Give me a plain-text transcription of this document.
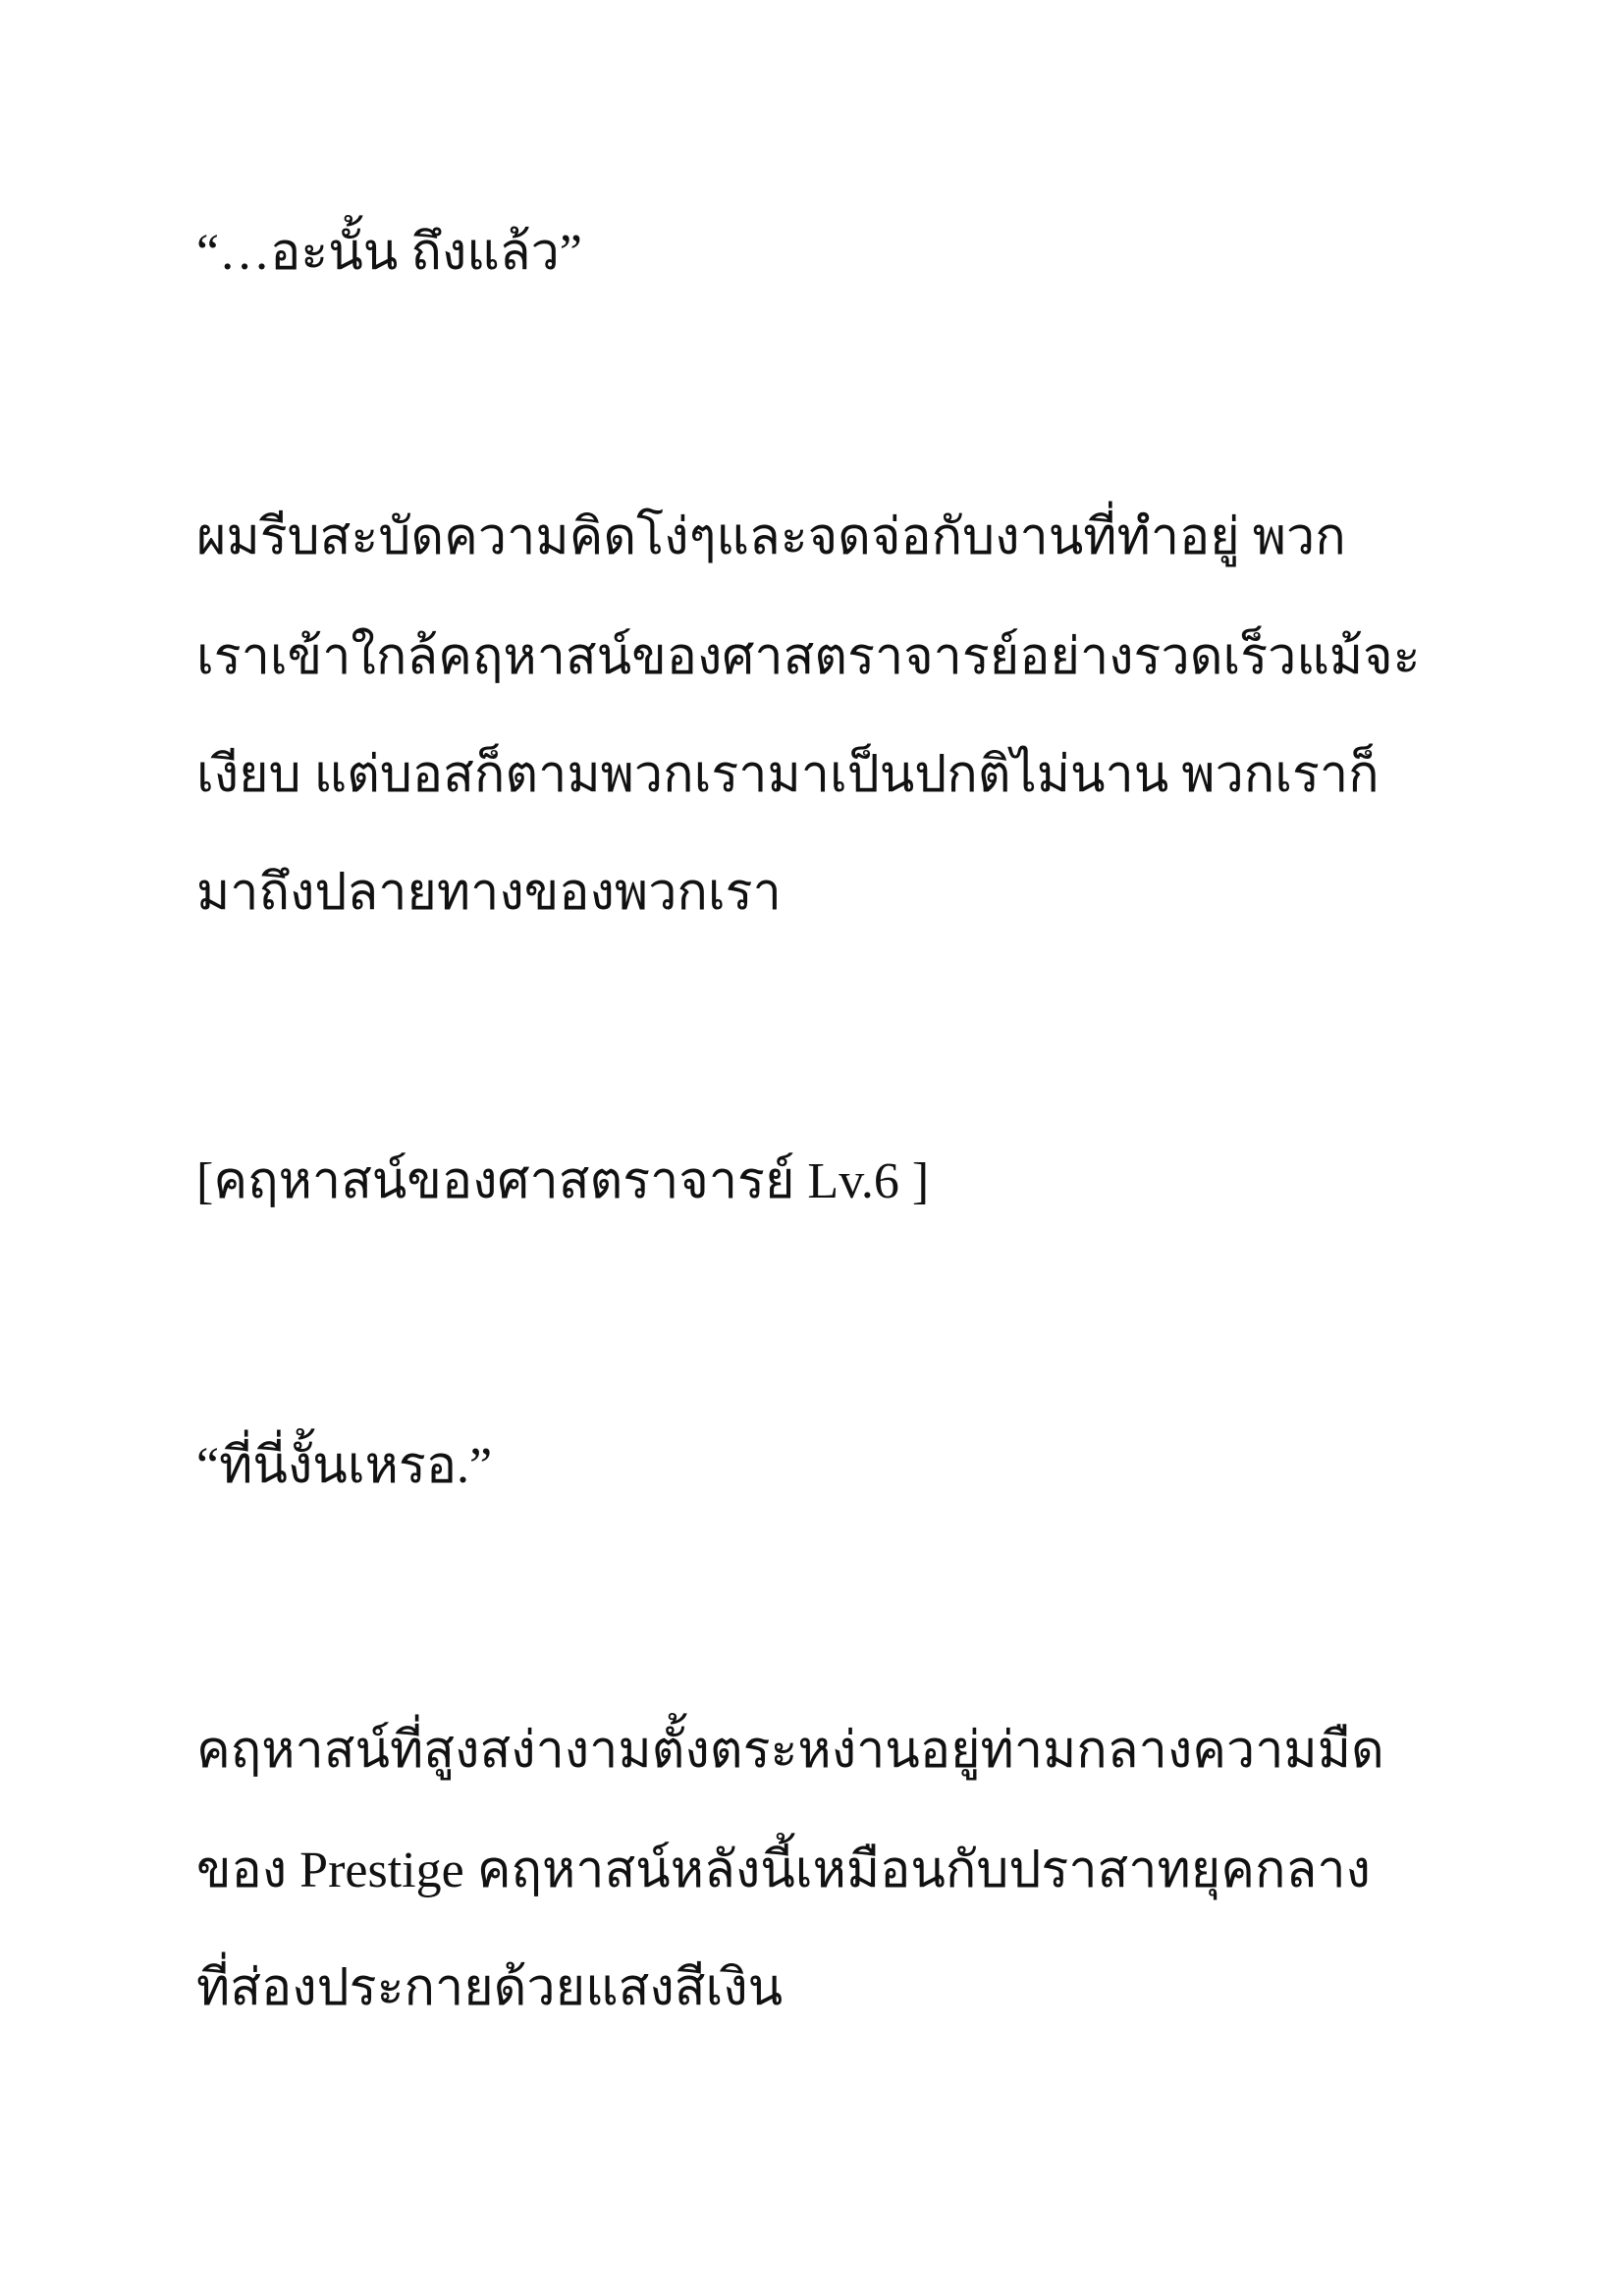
“…อะนั้น ถึงแล้ว”
ผมรีบสะบัดความคิดโง่ๆและจดจ่อกับงานที่ทำอยู่ พวก
เราเข้าใกล้คฤหาสน์ของศาสตราจารย์อย่างรวดเร็วแม้จะ
เงียบ แต่บอสก็ตามพวกเรามาเป็นปกติไม่นาน พวกเราก็
มาถึงปลายทางของพวกเรา
[คฤหาสน์ของศาสตราจารย์ Lv.6 ]
“ที่นี่งั้นเหรอ.”
คฤหาสน์ที่สูงสง่างามตั้งตระหง่านอยู่ท่ามกลางความมืด
ของ Prestige คฤหาสน์หลังนี้เหมือนกับปราสาทยุคกลาง
ที่ส่องประกายด้วยแสงสีเงิน
